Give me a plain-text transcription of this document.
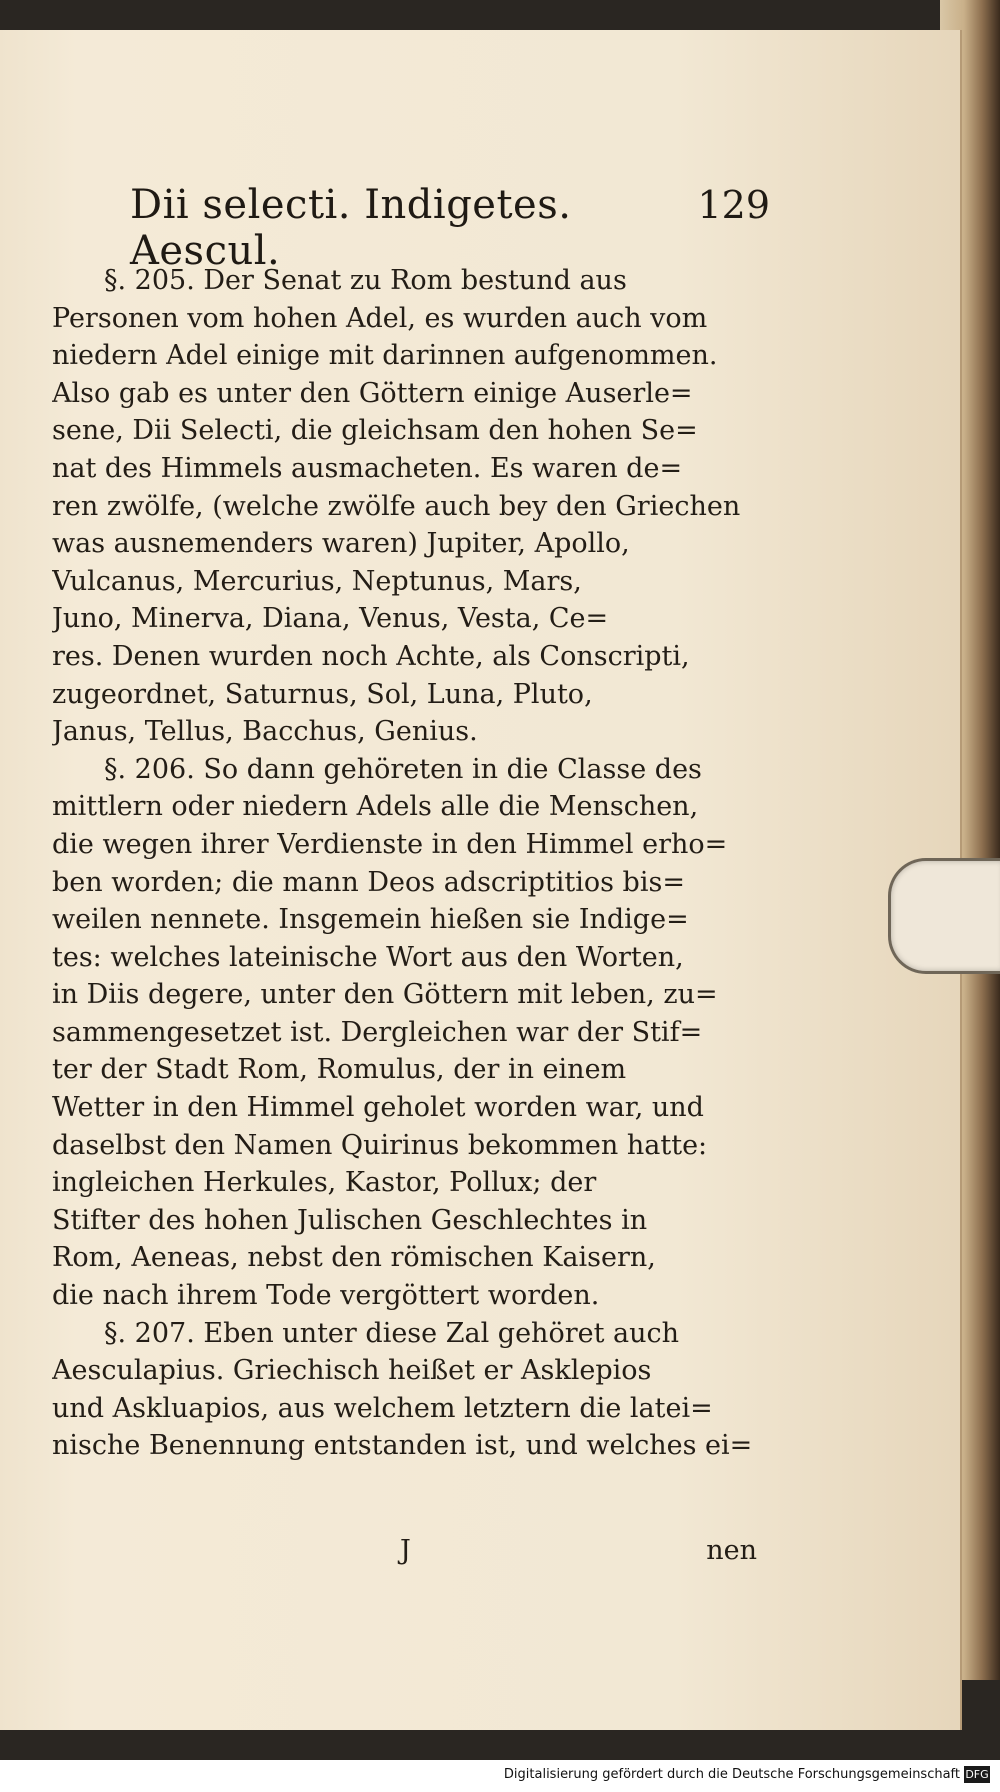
Dii selecti. Indigetes. Aescul.
129
§. 205. Der Senat zu Rom bestund aus
Personen vom hohen Adel, es wurden auch vom
niedern Adel einige mit darinnen aufgenommen.
Also gab es unter den Göttern einige Auserle=
sene, Dii Selecti, die gleichsam den hohen Se=
nat des Himmels ausmacheten. Es waren de=
ren zwölfe, (welche zwölfe auch bey den Griechen
was ausnemenders waren) Jupiter, Apollo,
Vulcanus, Mercurius, Neptunus, Mars,
Juno, Minerva, Diana, Venus, Vesta, Ce=
res. Denen wurden noch Achte, als Conscripti,
zugeordnet, Saturnus, Sol, Luna, Pluto,
Janus, Tellus, Bacchus, Genius.
§. 206. So dann gehöreten in die Classe des
mittlern oder niedern Adels alle die Menschen,
die wegen ihrer Verdienste in den Himmel erho=
ben worden; die mann Deos adscriptitios bis=
weilen nennete. Insgemein hießen sie Indige=
tes: welches lateinische Wort aus den Worten,
in Diis degere, unter den Göttern mit leben, zu=
sammengesetzet ist. Dergleichen war der Stif=
ter der Stadt Rom, Romulus, der in einem
Wetter in den Himmel geholet worden war, und
daselbst den Namen Quirinus bekommen hatte:
ingleichen Herkules, Kastor, Pollux; der
Stifter des hohen Julischen Geschlechtes in
Rom, Aeneas, nebst den römischen Kaisern,
die nach ihrem Tode vergöttert worden.
§. 207. Eben unter diese Zal gehöret auch
Aesculapius. Griechisch heißet er Asklepios
und Askluapios, aus welchem letztern die latei=
nische Benennung entstanden ist, und welches ei=
J	nen
Digitalisierung gefördert durch die Deutsche Forschungsgemeinschaft DFG
